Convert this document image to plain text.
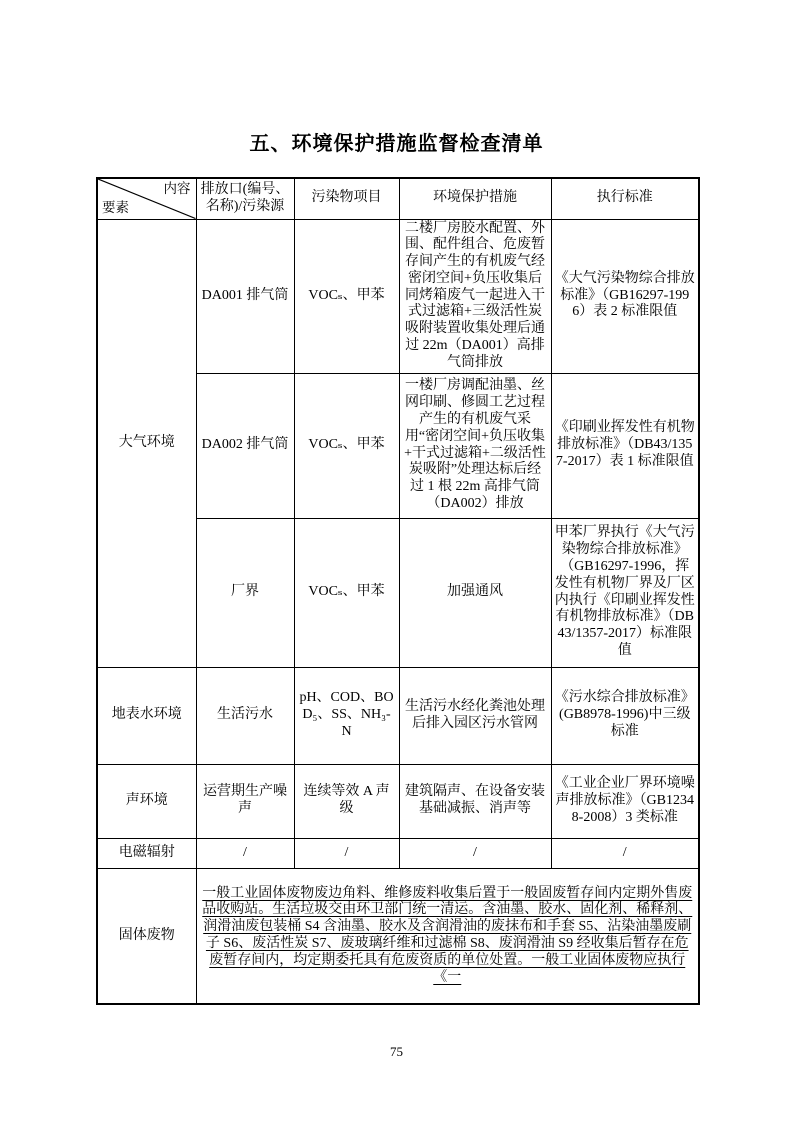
五、环境保护措施监督检查清单
内容
要素	排放口(编号、名称)/污染源	污染物项目	环境保护措施	执行标准
大气环境	DA001 排气筒	VOCₛ、甲苯	二楼厂房胶水配置、外围、配件组合、危废暂存间产生的有机废气经密闭空间+负压收集后同烤箱废气一起进入干式过滤箱+三级活性炭吸附装置收集处理后通过 22m（DA001）高排气筒排放	《大气污染物综合排放标准》（GB16297-1996）表 2 标准限值
	DA002 排气筒	VOCₛ、甲苯	一楼厂房调配油墨、丝网印刷、修圆工艺过程产生的有机废气采用“密闭空间+负压收集+干式过滤箱+二级活性炭吸附”处理达标后经过 1 根 22m 高排气筒（DA002）排放	《印刷业挥发性有机物排放标准》（DB43/1357-2017）表 1 标准限值
	厂界	VOCₛ、甲苯	加强通风	甲苯厂界执行《大气污染物综合排放标准》（GB16297-1996，挥发性有机物厂界及厂区内执行《印刷业挥发性有机物排放标准》（DB43/1357-2017）标准限值
地表水环境	生活污水	pH、COD、BOD₅、SS、NH₃-N	生活污水经化粪池处理后排入园区污水管网	《污水综合排放标准》(GB8978-1996)中三级标准
声环境	运营期生产噪声	连续等效 A 声级	建筑隔声、在设备安装基础减振、消声等	《工业企业厂界环境噪声排放标准》（GB12348-2008）3 类标准
电磁辐射	/	/	/	/
固体废物	一般工业固体废物废边角料、维修废料收集后置于一般固废暂存间内定期外售废品收购站。生活垃圾交由环卫部门统一清运。含油墨、胶水、固化剂、稀释剂、润滑油废包装桶 S4 含油墨、胶水及含润滑油的废抹布和手套 S5、沾染油墨废刷子 S6、废活性炭 S7、废玻璃纤维和过滤棉 S8、废润滑油 S9 经收集后暂存在危废暂存间内，均定期委托具有危废资质的单位处置。一般工业固体废物应执行《一			
75
